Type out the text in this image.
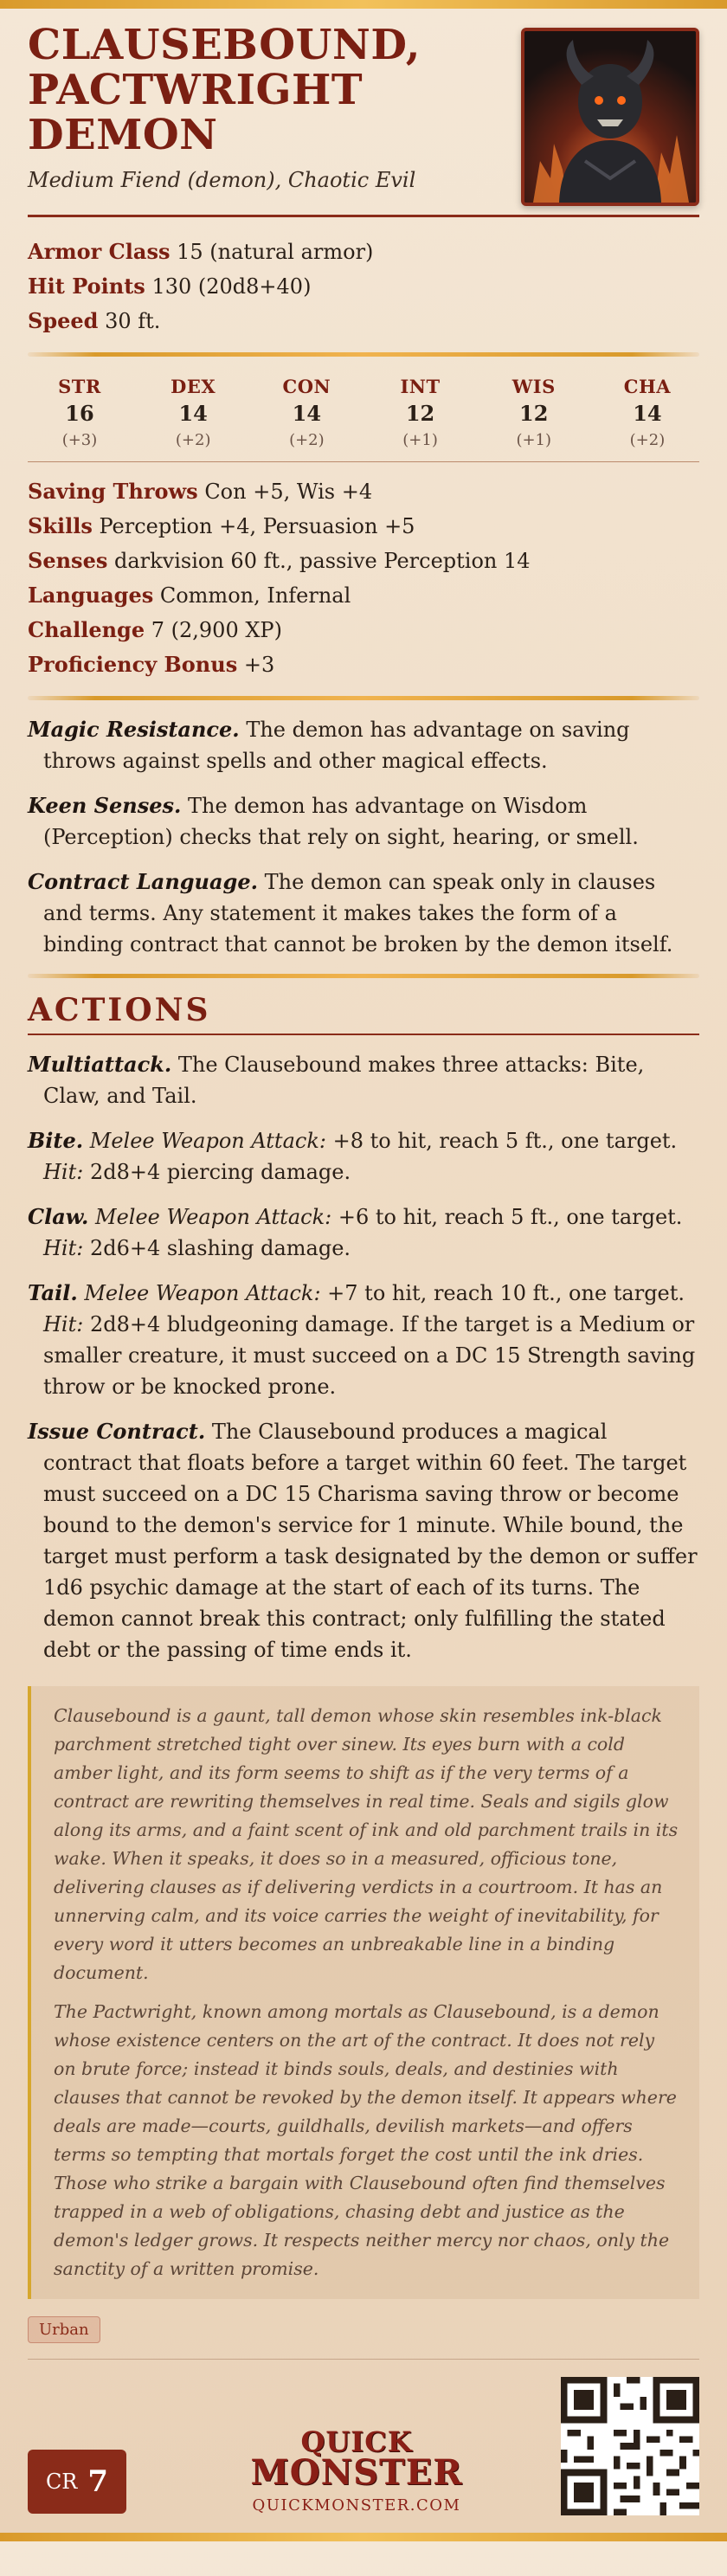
CLAUSEBOUND, PACTWRIGHT DEMON
Medium Fiend (demon), Chaotic Evil
Armor Class 15 (natural armor)
Hit Points 130 (20d8+40)
Speed 30 ft.
STR
16
(+3)
DEX
14
(+2)
CON
14
(+2)
INT
12
(+1)
WIS
12
(+1)
CHA
14
(+2)
Saving Throws Con +5, Wis +4
Skills Perception +4, Persuasion +5
Senses darkvision 60 ft., passive Perception 14
Languages Common, Infernal
Challenge 7 (2,900 XP)
Proficiency Bonus +3
Magic Resistance. The demon has advantage on saving throws against spells and other magical effects.
Keen Senses. The demon has advantage on Wisdom (Perception) checks that rely on sight, hearing, or smell.
Contract Language. The demon can speak only in clauses and terms. Any statement it makes takes the form of a binding contract that cannot be broken by the demon itself.
ACTIONS
Multiattack. The Clausebound makes three attacks: Bite, Claw, and Tail.
Bite. Melee Weapon Attack: +8 to hit, reach 5 ft., one target. Hit: 2d8+4 piercing damage.
Claw. Melee Weapon Attack: +6 to hit, reach 5 ft., one target. Hit: 2d6+4 slashing damage.
Tail. Melee Weapon Attack: +7 to hit, reach 10 ft., one target. Hit: 2d8+4 bludgeoning damage. If the target is a Medium or smaller creature, it must succeed on a DC 15 Strength saving throw or be knocked prone.
Issue Contract. The Clausebound produces a magical contract that floats before a target within 60 feet. The target must succeed on a DC 15 Charisma saving throw or become bound to the demon's service for 1 minute. While bound, the target must perform a task designated by the demon or suffer 1d6 psychic damage at the start of each of its turns. The demon cannot break this contract; only fulfilling the stated debt or the passing of time ends it.

Clausebound is a gaunt, tall demon whose skin resembles ink-black parchment stretched tight over sinew. Its eyes burn with a cold amber light, and its form seems to shift as if the very terms of a contract are rewriting themselves in real time. Seals and sigils glow along its arms, and a faint scent of ink and old parchment trails in its wake. When it speaks, it does so in a measured, officious tone, delivering clauses as if delivering verdicts in a courtroom. It has an unnerving calm, and its voice carries the weight of inevitability, for every word it utters becomes an unbreakable line in a binding document.

The Pactwright, known among mortals as Clausebound, is a demon whose existence centers on the art of the contract. It does not rely on brute force; instead it binds souls, deals, and destinies with clauses that cannot be revoked by the demon itself. It appears where deals are made—courts, guildhalls, devilish markets—and offers terms so tempting that mortals forget the cost until the ink dries. Those who strike a bargain with Clausebound often find themselves trapped in a web of obligations, chasing debt and justice as the demon's ledger grows. It respects neither mercy nor chaos, only the sanctity of a written promise.

Urban
CR 7
QUICK
MONSTER
QUICKMONSTER.COM
